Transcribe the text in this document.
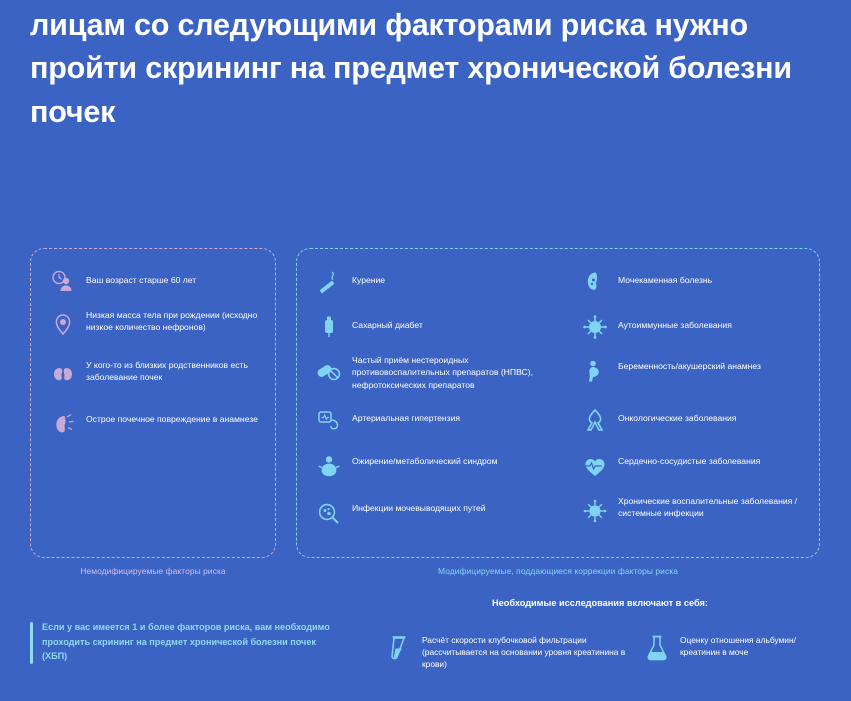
лицам со следующими факторами риска нужно пройти скрининг на предмет хронической болезни почек
Ваш возраст старше 60 лет
Низкая масса тела при рождении (исходно низкое количество нефронов)
У кого-то из близких родственников есть заболевание почек
Острое почечное повреждение в анамнезе
Немодифицируемые факторы риска
Курение
Сахарный диабет
Частый приём нестероидных противовоспалительных препаратов (НПВС), нефротоксических препаратов
Артериальная гипертензия
Ожирение/метаболический синдром
Инфекции мочевыводящих путей
Мочекаменная болезнь
Аутоиммунные заболевания
Беременность/акушерский анамнез
Онкологические заболевания
Сердечно-сосудистые заболевания
Хронические воспалительные заболевания /системные инфекции
Модифицируемые, поддающиеся коррекции факторы риска
Если у вас имеется 1 и более факторов риска, вам необходимо проходить скрининг на предмет хронической болезни почек (ХБП)
Необходимые исследования включают в себя:
Расчёт скорости клубочковой фильтрации (рассчитывается на основании уровня креатинина в крови)
Оценку отношения альбумин/креатинин в моче
